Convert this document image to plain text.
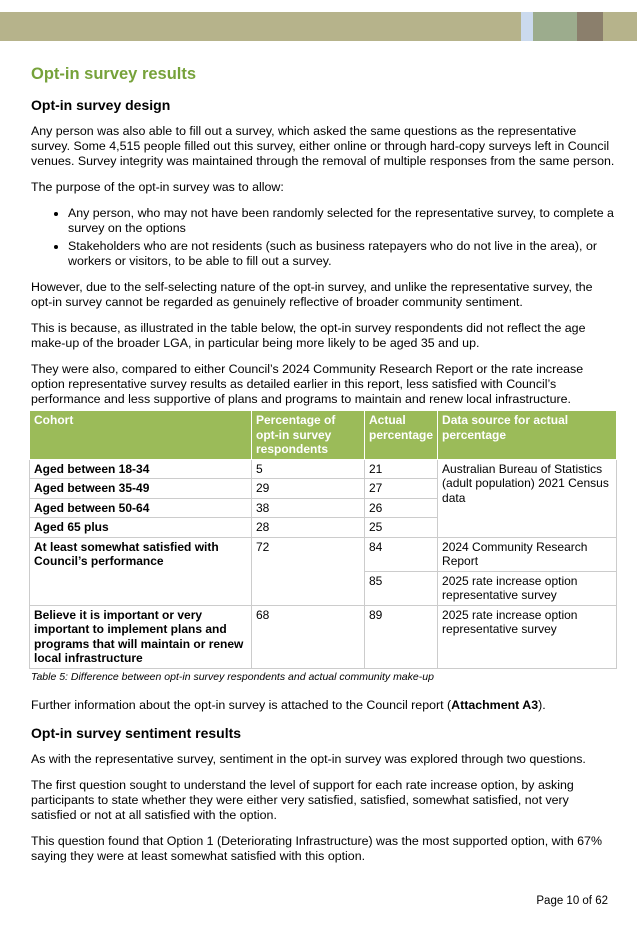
Opt-in survey results
Opt-in survey design

Any person was also able to fill out a survey, which asked the same questions as the representative survey. Some 4,515 people filled out this survey, either online or through hard-copy surveys left in Council venues. Survey integrity was maintained through the removal of multiple responses from the same person.

The purpose of the opt-in survey was to allow:

• Any person, who may not have been randomly selected for the representative survey, to complete a survey on the options
• Stakeholders who are not residents (such as business ratepayers who do not live in the area), or workers or visitors, to be able to fill out a survey.

However, due to the self-selecting nature of the opt-in survey, and unlike the representative survey, the opt-in survey cannot be regarded as genuinely reflective of broader community sentiment.

This is because, as illustrated in the table below, the opt-in survey respondents did not reflect the age make-up of the broader LGA, in particular being more likely to be aged 35 and up.

They were also, compared to either Council’s 2024 Community Research Report or the rate increase option representative survey results as detailed earlier in this report, less satisfied with Council’s performance and less supportive of plans and programs to maintain and renew local infrastructure.

Cohort	Percentage of opt-in survey respondents	Actual percentage	Data source for actual percentage
Aged between 18-34	5	21	Australian Bureau of Statistics (adult population) 2021 Census data
Aged between 35-49	29	27	
Aged between 50-64	38	26	
Aged 65 plus	28	25	
At least somewhat satisfied with Council’s performance	72	84	2024 Community Research Report
		85	2025 rate increase option representative survey
Believe it is important or very important to implement plans and programs that will maintain or renew local infrastructure	68	89	2025 rate increase option representative survey
Table 5: Difference between opt-in survey respondents and actual community make-up

Further information about the opt-in survey is attached to the Council report (Attachment A3).

Opt-in survey sentiment results

As with the representative survey, sentiment in the opt-in survey was explored through two questions.

The first question sought to understand the level of support for each rate increase option, by asking participants to state whether they were either very satisfied, satisfied, somewhat satisfied, not very satisfied or not at all satisfied with the option.

This question found that Option 1 (Deteriorating Infrastructure) was the most supported option, with 67% saying they were at least somewhat satisfied with this option.

Page 10 of 62
